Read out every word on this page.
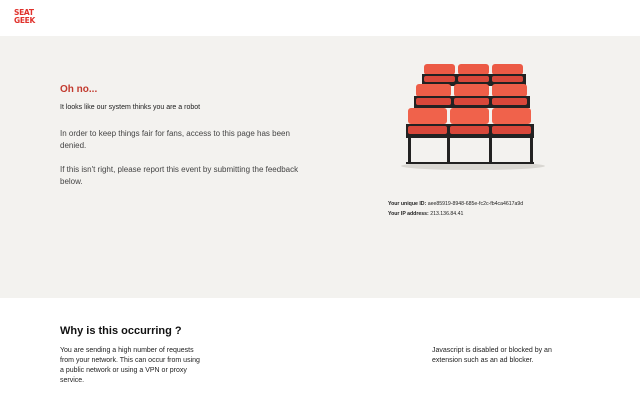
SEAT
GEEK
Oh no...
It looks like our system thinks you are a robot
In order to keep things fair for fans, access to this page has been denied.
If this isn't right, please report this event by submitting the feedback below.
Your unique ID: aee85919-8948-685e-fc2c-fb4ca4617a9d
Your IP address: 213.136.84.41
Why is this occurring ?
You are sending a high number of requests from your network. This can occur from using a public network or using a VPN or proxy service.
Javascript is disabled or blocked by an extension such as an ad blocker.
